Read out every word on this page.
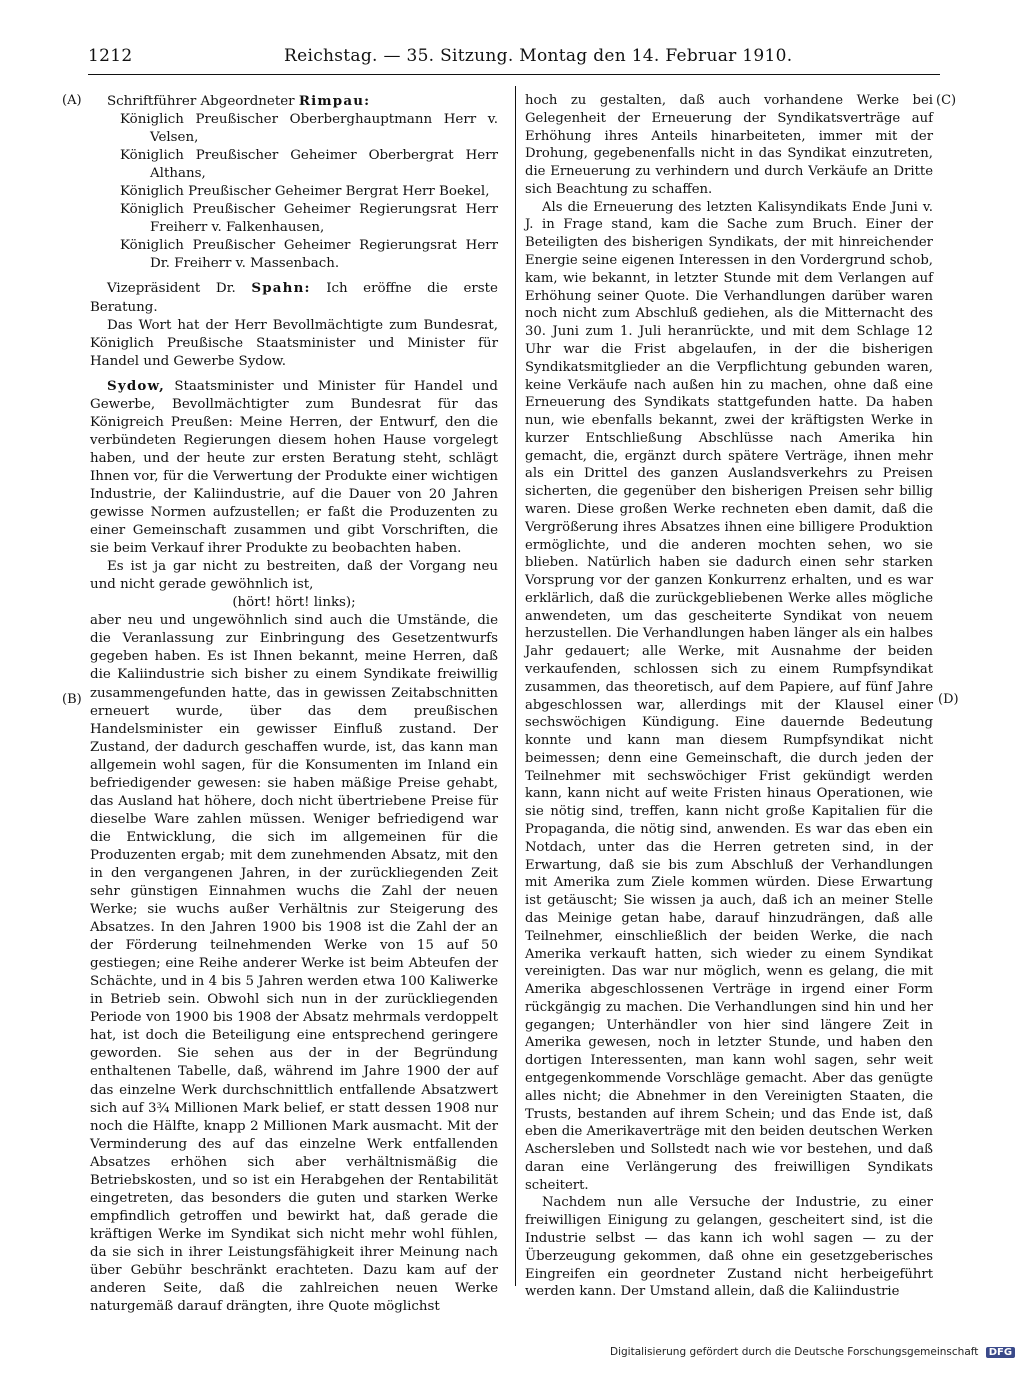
1212	Reichstag. — 35. Sitzung. Montag den 14. Februar 1910.
(A)
(B)
(C)
(D)

Schriftführer Abgeordneter Rimpau:

Königlich Preußischer Oberberghauptmann Herr v. Velsen,

Königlich Preußischer Geheimer Oberbergrat Herr Althans,

Königlich Preußischer Geheimer Bergrat Herr Boekel,

Königlich Preußischer Geheimer Regierungsrat Herr Freiherr v. Falkenhausen,

Königlich Preußischer Geheimer Regierungsrat Herr Dr. Freiherr v. Massenbach.

Vizepräsident Dr. Spahn: Ich eröffne die erste Beratung.

Das Wort hat der Herr Bevollmächtigte zum Bundesrat, Königlich Preußische Staatsminister und Minister für Handel und Gewerbe Sydow.

Sydow, Staatsminister und Minister für Handel und Gewerbe, Bevollmächtigter zum Bundesrat für das Königreich Preußen: Meine Herren, der Entwurf, den die verbündeten Regierungen diesem hohen Hause vorgelegt haben, und der heute zur ersten Beratung steht, schlägt Ihnen vor, für die Verwertung der Produkte einer wichtigen Industrie, der Kaliindustrie, auf die Dauer von 20 Jahren gewisse Normen aufzustellen; er faßt die Produzenten zu einer Gemeinschaft zusammen und gibt Vorschriften, die sie beim Verkauf ihrer Produkte zu beobachten haben.

Es ist ja gar nicht zu bestreiten, daß der Vorgang neu und nicht gerade gewöhnlich ist,

(hört! hört! links);

aber neu und ungewöhnlich sind auch die Umstände, die die Veranlassung zur Einbringung des Gesetzentwurfs gegeben haben. Es ist Ihnen bekannt, meine Herren, daß die Kaliindustrie sich bisher zu einem Syndikate freiwillig zusammengefunden hatte, das in gewissen Zeitabschnitten erneuert wurde, über das dem preußischen Handelsminister ein gewisser Einfluß zustand. Der Zustand, der dadurch geschaffen wurde, ist, das kann man allgemein wohl sagen, für die Konsumenten im Inland ein befriedigender gewesen: sie haben mäßige Preise gehabt, das Ausland hat höhere, doch nicht übertriebene Preise für dieselbe Ware zahlen müssen. Weniger befriedigend war die Entwicklung, die sich im allgemeinen für die Produzenten ergab; mit dem zunehmenden Absatz, mit den in den vergangenen Jahren, in der zurückliegenden Zeit sehr günstigen Einnahmen wuchs die Zahl der neuen Werke; sie wuchs außer Verhältnis zur Steigerung des Absatzes. In den Jahren 1900 bis 1908 ist die Zahl der an der Förderung teilnehmenden Werke von 15 auf 50 gestiegen; eine Reihe anderer Werke ist beim Abteufen der Schächte, und in 4 bis 5 Jahren werden etwa 100 Kaliwerke in Betrieb sein. Obwohl sich nun in der zurückliegenden Periode von 1900 bis 1908 der Absatz mehrmals verdoppelt hat, ist doch die Beteiligung eine entsprechend geringere geworden. Sie sehen aus der in der Begründung enthaltenen Tabelle, daß, während im Jahre 1900 der auf das einzelne Werk durchschnittlich entfallende Absatzwert sich auf 3¾ Millionen Mark belief, er statt dessen 1908 nur noch die Hälfte, knapp 2 Millionen Mark ausmacht. Mit der Verminderung des auf das einzelne Werk entfallenden Absatzes erhöhen sich aber verhältnismäßig die Betriebskosten, und so ist ein Herabgehen der Rentabilität eingetreten, das besonders die guten und starken Werke empfindlich getroffen und bewirkt hat, daß gerade die kräftigen Werke im Syndikat sich nicht mehr wohl fühlen, da sie sich in ihrer Leistungsfähigkeit ihrer Meinung nach über Gebühr beschränkt erachteten. Dazu kam auf der anderen Seite, daß die zahlreichen neuen Werke naturgemäß darauf drängten, ihre Quote möglichst

hoch zu gestalten, daß auch vorhandene Werke bei Gelegenheit der Erneuerung der Syndikatsverträge auf Erhöhung ihres Anteils hinarbeiteten, immer mit der Drohung, gegebenenfalls nicht in das Syndikat einzutreten, die Erneuerung zu verhindern und durch Verkäufe an Dritte sich Beachtung zu schaffen.

Als die Erneuerung des letzten Kalisyndikats Ende Juni v. J. in Frage stand, kam die Sache zum Bruch. Einer der Beteiligten des bisherigen Syndikats, der mit hinreichender Energie seine eigenen Interessen in den Vordergrund schob, kam, wie bekannt, in letzter Stunde mit dem Verlangen auf Erhöhung seiner Quote. Die Verhandlungen darüber waren noch nicht zum Abschluß gediehen, als die Mitternacht des 30. Juni zum 1. Juli heranrückte, und mit dem Schlage 12 Uhr war die Frist abgelaufen, in der die bisherigen Syndikatsmitglieder an die Verpflichtung gebunden waren, keine Verkäufe nach außen hin zu machen, ohne daß eine Erneuerung des Syndikats stattgefunden hatte. Da haben nun, wie ebenfalls bekannt, zwei der kräftigsten Werke in kurzer Entschließung Abschlüsse nach Amerika hin gemacht, die, ergänzt durch spätere Verträge, ihnen mehr als ein Drittel des ganzen Auslandsverkehrs zu Preisen sicherten, die gegenüber den bisherigen Preisen sehr billig waren. Diese großen Werke rechneten eben damit, daß die Vergrößerung ihres Absatzes ihnen eine billigere Produktion ermöglichte, und die anderen mochten sehen, wo sie blieben. Natürlich haben sie dadurch einen sehr starken Vorsprung vor der ganzen Konkurrenz erhalten, und es war erklärlich, daß die zurückgebliebenen Werke alles mögliche anwendeten, um das gescheiterte Syndikat von neuem herzustellen. Die Verhandlungen haben länger als ein halbes Jahr gedauert; alle Werke, mit Ausnahme der beiden verkaufenden, schlossen sich zu einem Rumpfsyndikat zusammen, das theoretisch, auf dem Papiere, auf fünf Jahre abgeschlossen war, allerdings mit der Klausel einer sechswöchigen Kündigung. Eine dauernde Bedeutung konnte und kann man diesem Rumpfsyndikat nicht beimessen; denn eine Gemeinschaft, die durch jeden der Teilnehmer mit sechswöchiger Frist gekündigt werden kann, kann nicht auf weite Fristen hinaus Operationen, wie sie nötig sind, treffen, kann nicht große Kapitalien für die Propaganda, die nötig sind, anwenden. Es war das eben ein Notdach, unter das die Herren getreten sind, in der Erwartung, daß sie bis zum Abschluß der Verhandlungen mit Amerika zum Ziele kommen würden. Diese Erwartung ist getäuscht; Sie wissen ja auch, daß ich an meiner Stelle das Meinige getan habe, darauf hinzudrängen, daß alle Teilnehmer, einschließlich der beiden Werke, die nach Amerika verkauft hatten, sich wieder zu einem Syndikat vereinigten. Das war nur möglich, wenn es gelang, die mit Amerika abgeschlossenen Verträge in irgend einer Form rückgängig zu machen. Die Verhandlungen sind hin und her gegangen; Unterhändler von hier sind längere Zeit in Amerika gewesen, noch in letzter Stunde, und haben den dortigen Interessenten, man kann wohl sagen, sehr weit entgegenkommende Vorschläge gemacht. Aber das genügte alles nicht; die Abnehmer in den Vereinigten Staaten, die Trusts, bestanden auf ihrem Schein; und das Ende ist, daß eben die Amerikaverträge mit den beiden deutschen Werken Aschersleben und Sollstedt nach wie vor bestehen, und daß daran eine Verlängerung des freiwilligen Syndikats scheitert.

Nachdem nun alle Versuche der Industrie, zu einer freiwilligen Einigung zu gelangen, gescheitert sind, ist die Industrie selbst — das kann ich wohl sagen — zu der Überzeugung gekommen, daß ohne ein gesetzgeberisches Eingreifen ein geordneter Zustand nicht herbeigeführt werden kann. Der Umstand allein, daß die Kaliindustrie

Digitalisierung gefördert durch die Deutsche Forschungsgemeinschaft DFG
